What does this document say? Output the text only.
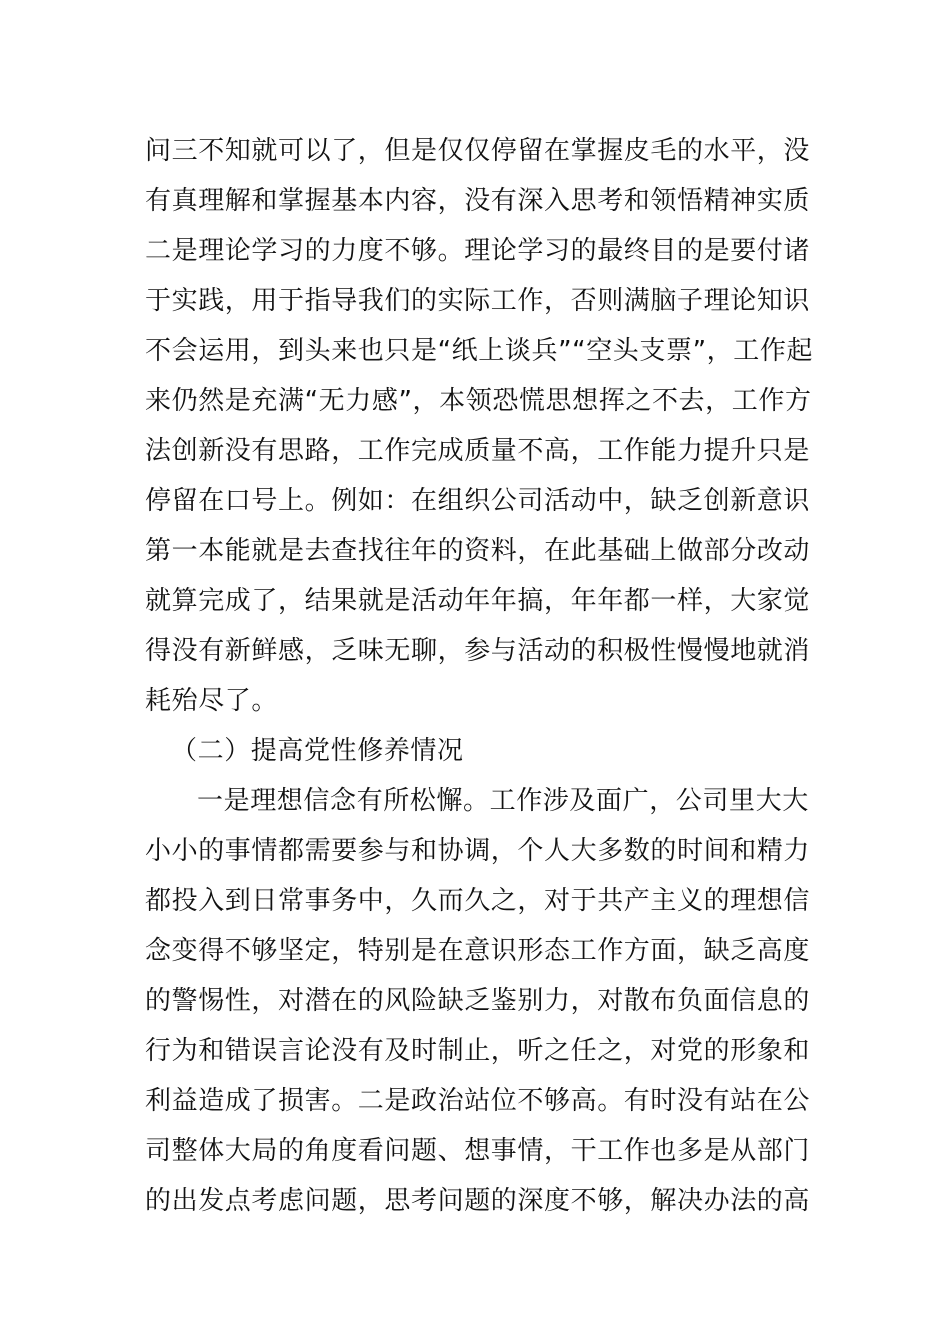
问三不知就可以了，但是仅仅停留在掌握皮毛的水平，没
有真理解和掌握基本内容，没有深入思考和领悟精神实质
二是理论学习的力度不够。理论学习的最终目的是要付诸
于实践，用于指导我们的实际工作，否则满脑子理论知识
不会运用，到头来也只是“纸上谈兵”“空头支票”，工作起
来仍然是充满“无力感”，本领恐慌思想挥之不去，工作方
法创新没有思路，工作完成质量不高，工作能力提升只是
停留在口号上。例如：在组织公司活动中，缺乏创新意识
第一本能就是去查找往年的资料，在此基础上做部分改动
就算完成了，结果就是活动年年搞，年年都一样，大家觉
得没有新鲜感，乏味无聊，参与活动的积极性慢慢地就消
耗殆尽了。
（二）提高党性修养情况
一是理想信念有所松懈。工作涉及面广，公司里大大
小小的事情都需要参与和协调，个人大多数的时间和精力
都投入到日常事务中，久而久之，对于共产主义的理想信
念变得不够坚定，特别是在意识形态工作方面，缺乏高度
的警惕性，对潜在的风险缺乏鉴别力，对散布负面信息的
行为和错误言论没有及时制止，听之任之，对党的形象和
利益造成了损害。二是政治站位不够高。有时没有站在公
司整体大局的角度看问题、想事情，干工作也多是从部门
的出发点考虑问题，思考问题的深度不够，解决办法的高
